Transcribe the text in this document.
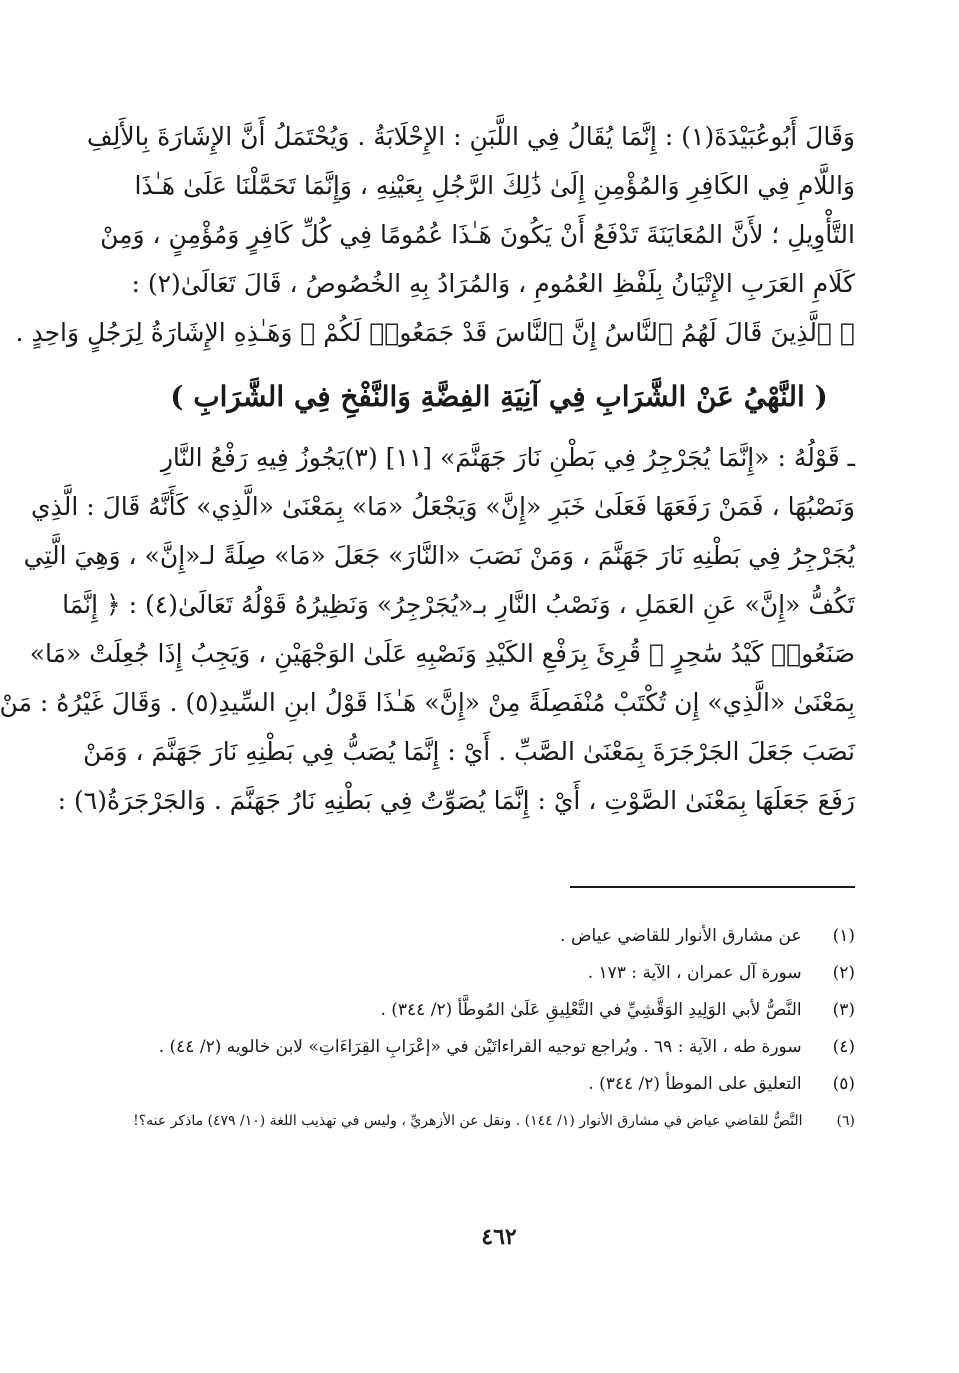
وَقَالَ أَبُوعُبَيْدَةَ(١) : إِنَّمَا يُقَالُ فِي اللَّبَنِ : الإِحْلَابَةُ . وَيُحْتَمَلُ أَنَّ الإِشَارَةَ بِالأَلِفِ
وَاللَّامِ فِي الكَافِرِ وَالمُؤْمِنِ إِلَىٰ ذَٰلِكَ الرَّجُلِ بِعَيْنِهِ ، وَإِنَّمَا تَحَمَّلْنَا عَلَىٰ هَـٰذَا
التَّأْوِيلِ ؛ لأَنَّ المُعَايَنَةَ تَدْفَعُ أَنْ يَكُونَ هَـٰذَا عُمُومًا فِي كُلِّ كَافِرٍ وَمُؤْمِنٍ ، وَمِنْ
كَلَامِ العَرَبِ الإِتْيَانُ بِلَفْظِ العُمُومِ ، وَالمُرَادُ بِهِ الخُصُوصُ ، قَالَ تَعَالَىٰ(٢) :
﴿ ٱلَّذِينَ قَالَ لَهُمُ ٱلنَّاسُ إِنَّ ٱلنَّاسَ قَدْ جَمَعُوا۟ لَكُمْ ﴾ وَهَـٰذِهِ الإِشَارَةُ لِرَجُلٍ وَاحِدٍ .
( النَّهْيُ عَنْ الشَّرَابِ فِي آنِيَةِ الفِضَّةِ وَالنَّفْخِ فِي الشَّرَابِ )
ـ قَوْلُهُ : «إِنَّمَا يُجَرْجِرُ فِي بَطْنِ نَارَ جَهَنَّمَ» [١١] (٣)يَجُوزُ فِيهِ رَفْعُ النَّارِ
وَنَصْبُهَا ، فَمَنْ رَفَعَهَا فَعَلَىٰ خَبَرِ «إِنَّ» وَيَجْعَلُ «مَا» بِمَعْنَىٰ «الَّذِي» كَأَنَّهُ قَالَ : الَّذِي
يُجَرْجِرُ فِي بَطْنِهِ نَارَ جَهَنَّمَ ، وَمَنْ نَصَبَ «النَّارَ» جَعَلَ «مَا» صِلَةً لـ«إِنَّ» ، وَهِيَ الَّتِي
تَكُفُّ «إِنَّ» عَنِ العَمَلِ ، وَنَصْبُ النَّارِ بـ«يُجَرْجِرُ» وَنَظِيرُهُ قَوْلُهُ تَعَالَىٰ(٤) : ﴿ إِنَّمَا
صَنَعُوا۟ كَيْدُ سَٰحِرٍ ﴾ قُرِئَ بِرَفْعِ الكَيْدِ وَنَصْبِهِ عَلَىٰ الوَجْهَيْنِ ، وَيَجِبُ إِذَا جُعِلَتْ «مَا»
بِمَعْنَىٰ «الَّذِي» إِن تُكْتَبْ مُنْفَصِلَةً مِنْ «إِنَّ» هَـٰذَا قَوْلُ ابنِ السِّيدِ(٥) . وَقَالَ غَيْرُهُ : مَنْ
نَصَبَ جَعَلَ الجَرْجَرَةَ بِمَعْنَىٰ الصَّبِّ . أَيْ : إِنَّمَا يُصَبُّ فِي بَطْنِهِ نَارَ جَهَنَّمَ ، وَمَنْ
رَفَعَ جَعَلَهَا بِمَعْنَىٰ الصَّوْتِ ، أَيْ : إِنَّمَا يُصَوِّتُ فِي بَطْنِهِ نَارُ جَهَنَّمَ . وَالجَرْجَرَةُ(٦) :
(١) عن مشارق الأنوار للقاضي عياض .
(٢) سورة آل عمران ، الآية : ١٧٣ .
(٣) النَّصُّ لأبي الوَلِيدِ الوَقَّشِيِّ في التَّعْلِيقِ عَلَىٰ المُوطَّأ (٢/ ٣٤٤) .
(٤) سورة طه ، الآية : ٦٩ . ويُراجع توجيه القراءاتَيْن في «إعْرَابِ القِرَاءَاتِ» لابن خالويه (٢/ ٤٤) .
(٥) التعليق على الموطأ (٢/ ٣٤٤) .
(٦) النَّصُّ للقاضي عياض في مشارق الأنوار (١/ ١٤٤) . ونقل عن الأزهريِّ ، وليس في تهذيب اللغة (١٠/ ٤٧٩) ماذكر عنه؟!
٤٦٢
